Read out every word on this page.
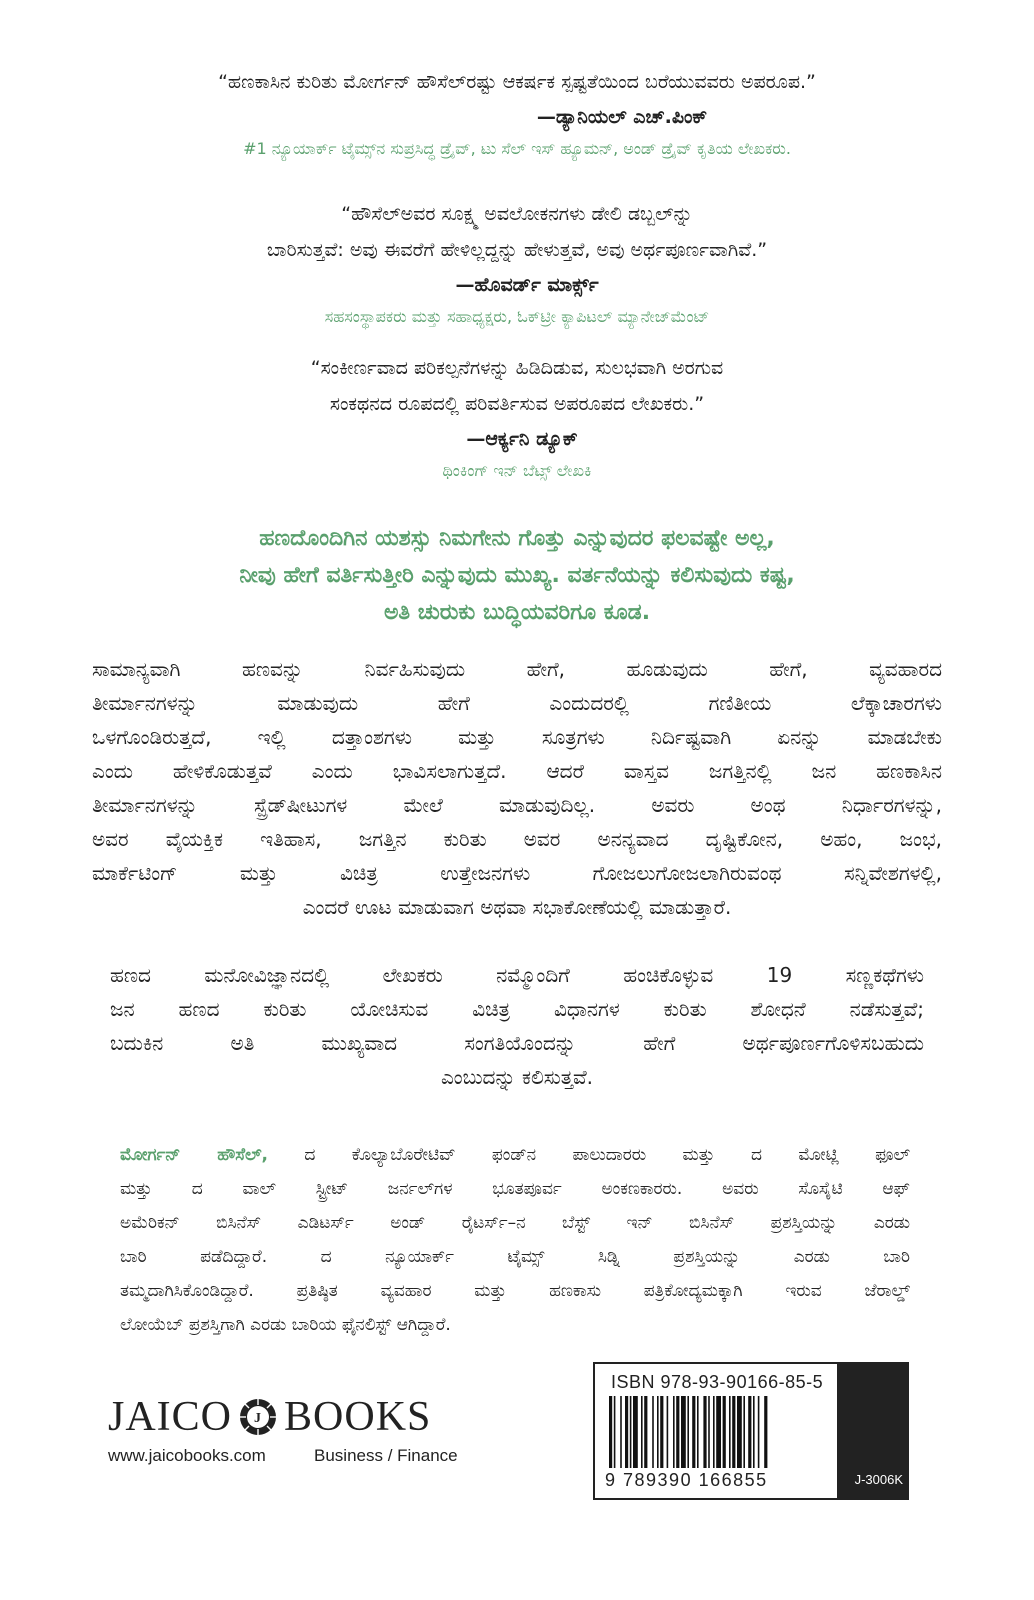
“ಹಣಕಾಸಿನ ಕುರಿತು ಮೋರ್ಗನ್ ಹೌಸೆಲ್‌ರಷ್ಟು ಆಕರ್ಷಕ ಸ್ಪಷ್ಟತೆಯಿಂದ ಬರೆಯುವವರು ಅಪರೂಪ.”
—ಡ್ಯಾನಿಯಲ್ ಎಚ್.ಪಿಂಕ್
#1 ನ್ಯೂಯಾರ್ಕ್ ಟೈಮ್ಸ್‌ನ ಸುಪ್ರಸಿದ್ಧ ಡ್ರೈವ್, ಟು ಸೆಲ್ ಇಸ್ ಹ್ಯೂಮನ್, ಅಂಡ್ ಡ್ರೈವ್ ಕೃತಿಯ ಲೇಖಕರು.
“ಹೌಸೆಲ್‌ಅವರ ಸೂಕ್ಷ್ಮ ಅವಲೋಕನಗಳು ಡೇಲಿ ಡಬ್ಬಲ್‌ನ್ನು
ಬಾರಿಸುತ್ತವೆ: ಅವು ಈವರೆಗೆ ಹೇಳಿಲ್ಲದ್ದನ್ನು ಹೇಳುತ್ತವೆ, ಅವು ಅರ್ಥಪೂರ್ಣವಾಗಿವೆ.”
—ಹೊವರ್ಡ್ ಮಾರ್ಕ್ಸ್
ಸಹಸಂಸ್ಥಾಪಕರು ಮತ್ತು ಸಹಾಧ್ಯಕ್ಷರು, ಓಕ್‌ಟ್ರೀ ಕ್ಯಾಪಿಟಲ್ ಮ್ಯಾನೇಜ್‌ಮೆಂಟ್
“ಸಂಕೀರ್ಣವಾದ ಪರಿಕಲ್ಪನೆಗಳನ್ನು ಹಿಡಿದಿಡುವ, ಸುಲಭವಾಗಿ ಅರಗುವ
ಸಂಕಥನದ ರೂಪದಲ್ಲಿ ಪರಿವರ್ತಿಸುವ ಅಪರೂಪದ ಲೇಖಕರು.”
—ಆರ್ಕ್ಯನಿ ಡ್ಯೂಕ್
ಥಿಂಕಿಂಗ್ ಇನ್ ಬೆಟ್ಸ್ ಲೇಖಕಿ
ಹಣದೊಂದಿಗಿನ ಯಶಸ್ಸು ನಿಮಗೇನು ಗೊತ್ತು ಎನ್ನುವುದರ ಫಲವಷ್ಟೇ ಅಲ್ಲ,
ನೀವು ಹೇಗೆ ವರ್ತಿಸುತ್ತೀರಿ ಎನ್ನುವುದು ಮುಖ್ಯ. ವರ್ತನೆಯನ್ನು ಕಲಿಸುವುದು ಕಷ್ಟ,
ಅತಿ ಚುರುಕು ಬುದ್ಧಿಯವರಿಗೂ ಕೂಡ.
ಸಾಮಾನ್ಯವಾಗಿ ಹಣವನ್ನು ನಿರ್ವಹಿಸುವುದು ಹೇಗೆ, ಹೂಡುವುದು ಹೇಗೆ, ವ್ಯವಹಾರದ
ತೀರ್ಮಾನಗಳನ್ನು ಮಾಡುವುದು ಹೇಗೆ ಎಂದುದರಲ್ಲಿ ಗಣಿತೀಯ ಲೆಕ್ಕಾಚಾರಗಳು
ಒಳಗೊಂಡಿರುತ್ತದೆ, ಇಲ್ಲಿ ದತ್ತಾಂಶಗಳು ಮತ್ತು ಸೂತ್ರಗಳು ನಿರ್ದಿಷ್ಟವಾಗಿ ಏನನ್ನು ಮಾಡಬೇಕು
ಎಂದು ಹೇಳಿಕೊಡುತ್ತವೆ ಎಂದು ಭಾವಿಸಲಾಗುತ್ತದೆ. ಆದರೆ ವಾಸ್ತವ ಜಗತ್ತಿನಲ್ಲಿ ಜನ ಹಣಕಾಸಿನ
ತೀರ್ಮಾನಗಳನ್ನು ಸ್ಪ್ರೆಡ್‌ಷೀಟುಗಳ ಮೇಲೆ ಮಾಡುವುದಿಲ್ಲ. ಅವರು ಅಂಥ ನಿರ್ಧಾರಗಳನ್ನು,
ಅವರ ವೈಯಕ್ತಿಕ ಇತಿಹಾಸ, ಜಗತ್ತಿನ ಕುರಿತು ಅವರ ಅನನ್ಯವಾದ ದೃಷ್ಟಿಕೋನ, ಅಹಂ, ಜಂಭ,
ಮಾರ್ಕೆಟಿಂಗ್ ಮತ್ತು ವಿಚಿತ್ರ ಉತ್ತೇಜನಗಳು ಗೋಜಲುಗೋಜಲಾಗಿರುವಂಥ ಸನ್ನಿವೇಶಗಳಲ್ಲಿ,
ಎಂದರೆ ಊಟ ಮಾಡುವಾಗ ಅಥವಾ ಸಭಾಕೋಣೆಯಲ್ಲಿ ಮಾಡುತ್ತಾರೆ.
ಹಣದ ಮನೋವಿಜ್ಞಾನದಲ್ಲಿ ಲೇಖಕರು ನಮ್ಮೊಂದಿಗೆ ಹಂಚಿಕೊಳ್ಳುವ 19 ಸಣ್ಣಕಥೆಗಳು
ಜನ ಹಣದ ಕುರಿತು ಯೋಚಿಸುವ ವಿಚಿತ್ರ ವಿಧಾನಗಳ ಕುರಿತು ಶೋಧನೆ ನಡೆಸುತ್ತವೆ;
ಬದುಕಿನ ಅತಿ ಮುಖ್ಯವಾದ ಸಂಗತಿಯೊಂದನ್ನು ಹೇಗೆ ಅರ್ಥಪೂರ್ಣಗೊಳಿಸಬಹುದು
ಎಂಬುದನ್ನು ಕಲಿಸುತ್ತವೆ.
ಮೋರ್ಗನ್ ಹೌಸೆಲ್, ದ ಕೊಲ್ಯಾಬೊರೇಟಿವ್ ಫಂಡ್‌ನ ಪಾಲುದಾರರು ಮತ್ತು ದ ಮೋಟ್ಲಿ ಫೂಲ್
ಮತ್ತು ದ ವಾಲ್ ಸ್ಟ್ರೀಟ್ ಜರ್ನಲ್‌ಗಳ ಭೂತಪೂರ್ವ ಅಂಕಣಕಾರರು. ಅವರು ಸೊಸೈಟಿ ಆಫ್
ಅಮೆರಿಕನ್ ಬಿಸಿನೆಸ್ ಎಡಿಟರ್ಸ್ ಅಂಡ್ ರೈಟರ್ಸ್‌–ನ ಬೆಸ್ಟ್ ಇನ್ ಬಿಸಿನೆಸ್ ಪ್ರಶಸ್ತಿಯನ್ನು ಎರಡು
ಬಾರಿ ಪಡೆದಿದ್ದಾರೆ. ದ ನ್ಯೂಯಾರ್ಕ್ ಟೈಮ್ಸ್ ಸಿಡ್ನಿ ಪ್ರಶಸ್ತಿಯನ್ನು ಎರಡು ಬಾರಿ
ತಮ್ಮದಾಗಿಸಿಕೊಂಡಿದ್ದಾರೆ. ಪ್ರತಿಷ್ಠಿತ ವ್ಯವಹಾರ ಮತ್ತು ಹಣಕಾಸು ಪತ್ರಿಕೋದ್ಯಮಕ್ಕಾಗಿ ಇರುವ ಜೆರಾಲ್ಡ್
ಲೋಯೆಬ್ ಪ್ರಶಸ್ತಿಗಾಗಿ ಎರಡು ಬಾರಿಯ ಫೈನಲಿಸ್ಟ್ ಆಗಿದ್ದಾರೆ.
JAICO J BOOKS
www.jaicobooks.com	Business / Finance
ISBN 978-93-90166-85-5
9 789390 166855	J-3006K
